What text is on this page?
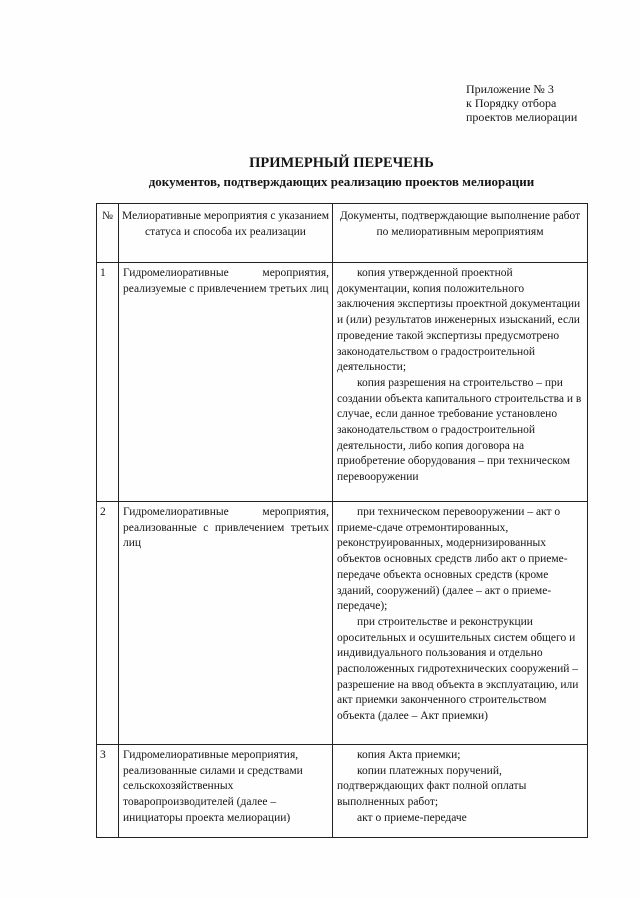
Приложение № 3
к Порядку отбора
проектов мелиорации
ПРИМЕРНЫЙ ПЕРЕЧЕНЬ
документов, подтверждающих реализацию проектов мелиорации
№	Мелиоративные мероприятия с указанием статуса и способа их реализации	Документы, подтверждающие выполнение работ по мелиоративным мероприятиям
1	Гидромелиоративные мероприятия, реализуемые с привлечением третьих лиц	копия утвержденной проектной документации, копия положительного заключения экспертизы проектной документации и (или) результатов инженерных изысканий, если проведение такой экспертизы предусмотрено законодательством о градостроительной деятельности;

копия разрешения на строительство – при создании объекта капитального строительства и в случае, если данное требование установлено законодательством о градостроительной деятельности, либо копия договора на приобретение оборудования – при техническом перевооружении

2	Гидромелиоративные мероприятия, реализованные с привлечением третьих лиц	при техническом перевооружении – акт о приеме-сдаче отремонтированных, реконструированных, модернизированных объектов основных средств либо акт о приеме-передаче объекта основных средств (кроме зданий, сооружений) (далее – акт о приеме-передаче);

при строительстве и реконструкции оросительных и осушительных систем общего и индивидуального пользования и отдельно расположенных гидротехнических сооружений – разрешение на ввод объекта в эксплуатацию, или акт приемки законченного строительством объекта (далее – Акт приемки)

3	Гидромелиоративные мероприятия, реализованные силами и средствами сельскохозяйственных товаропроизводителей (далее – инициаторы проекта мелиорации)	копия Акта приемки;

копии платежных поручений, подтверждающих факт полной оплаты выполненных работ;

акт о приеме-передаче
